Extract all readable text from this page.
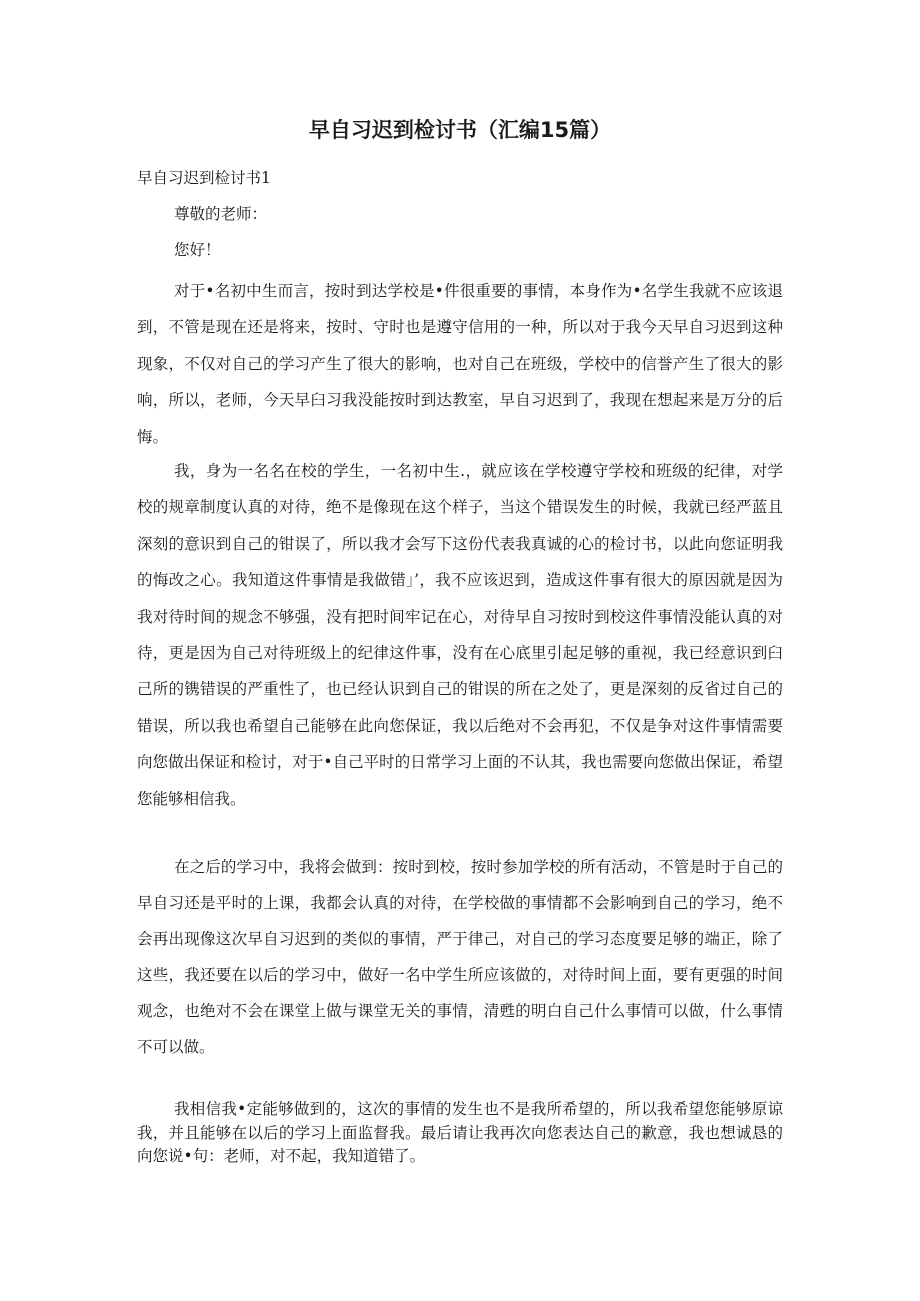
早自习迟到检讨书（汇编15篇）

早自习迟到检讨书1

尊敬的老师：

您好！

对于•名初中生而言，按时到达学校是•件很重要的事情，本身作为•名学生我就不应该退到，不管是现在还是将来，按时、守时也是遵守信用的一种，所以对于我今天早自习迟到这种现象，不仅对自己的学习产生了很大的影响，也对自己在班级，学校中的信誉产生了很大的影响，所以，老师，今天早臼习我没能按时到达教室，早自习迟到了，我现在想起来是万分的后悔。

我，身为一名名在校的学生，一名初中生.，就应该在学校遵守学校和班级的纪律，对学校的规章制度认真的对待，绝不是像现在这个样子，当这个错误发生的时候，我就已经严蓝且深刻的意识到自己的钳误了，所以我才会写下这份代表我真诚的心的检讨书，以此向您证明我的悔改之心。我知道这件事情是我做错」’，我不应该迟到，造成这件事有很大的原因就是因为我对待时间的规念不够强，没有把时间牢记在心，对待早自习按时到校这件事情没能认真的对待，更是因为自己对待班级上的纪律这件事，没有在心底里引起足够的重视，我已经意识到臼己所的镌错误的严重性了，也已经认识到自己的钳误的所在之处了，更是深刻的反省过自己的错误，所以我也希望自己能够在此向您保证，我以后绝对不会再犯，不仅是争对这件事情需要向您做出保证和检讨，对于•自己平时的日常学习上面的不认其，我也需要向您做出保证，希望您能够相信我。

在之后的学习中，我将会做到：按时到校，按时参加学校的所有活动，不管是时于自己的早自习还是平时的上课，我都会认真的对待，在学校做的事情都不会影响到自己的学习，绝不会再出现像这次早自习迟到的类似的事情，严于律己，对自己的学习态度要足够的端正，除了这些，我还要在以后的学习中，做好一名中学生所应该做的，对待时间上面，要有更强的时间观念，也绝对不会在课堂上做与课堂无关的事情，清甦的明白自己什么事情可以做，什么事情不可以做。

我相信我•定能够做到的，这次的事情的发生也不是我所希望的，所以我希望您能够原谅我，并且能够在以后的学习上面监督我。最后请让我再次向您表达自己的歉意，我也想诚恳的向您说•句：老师，对不起，我知道错了。
